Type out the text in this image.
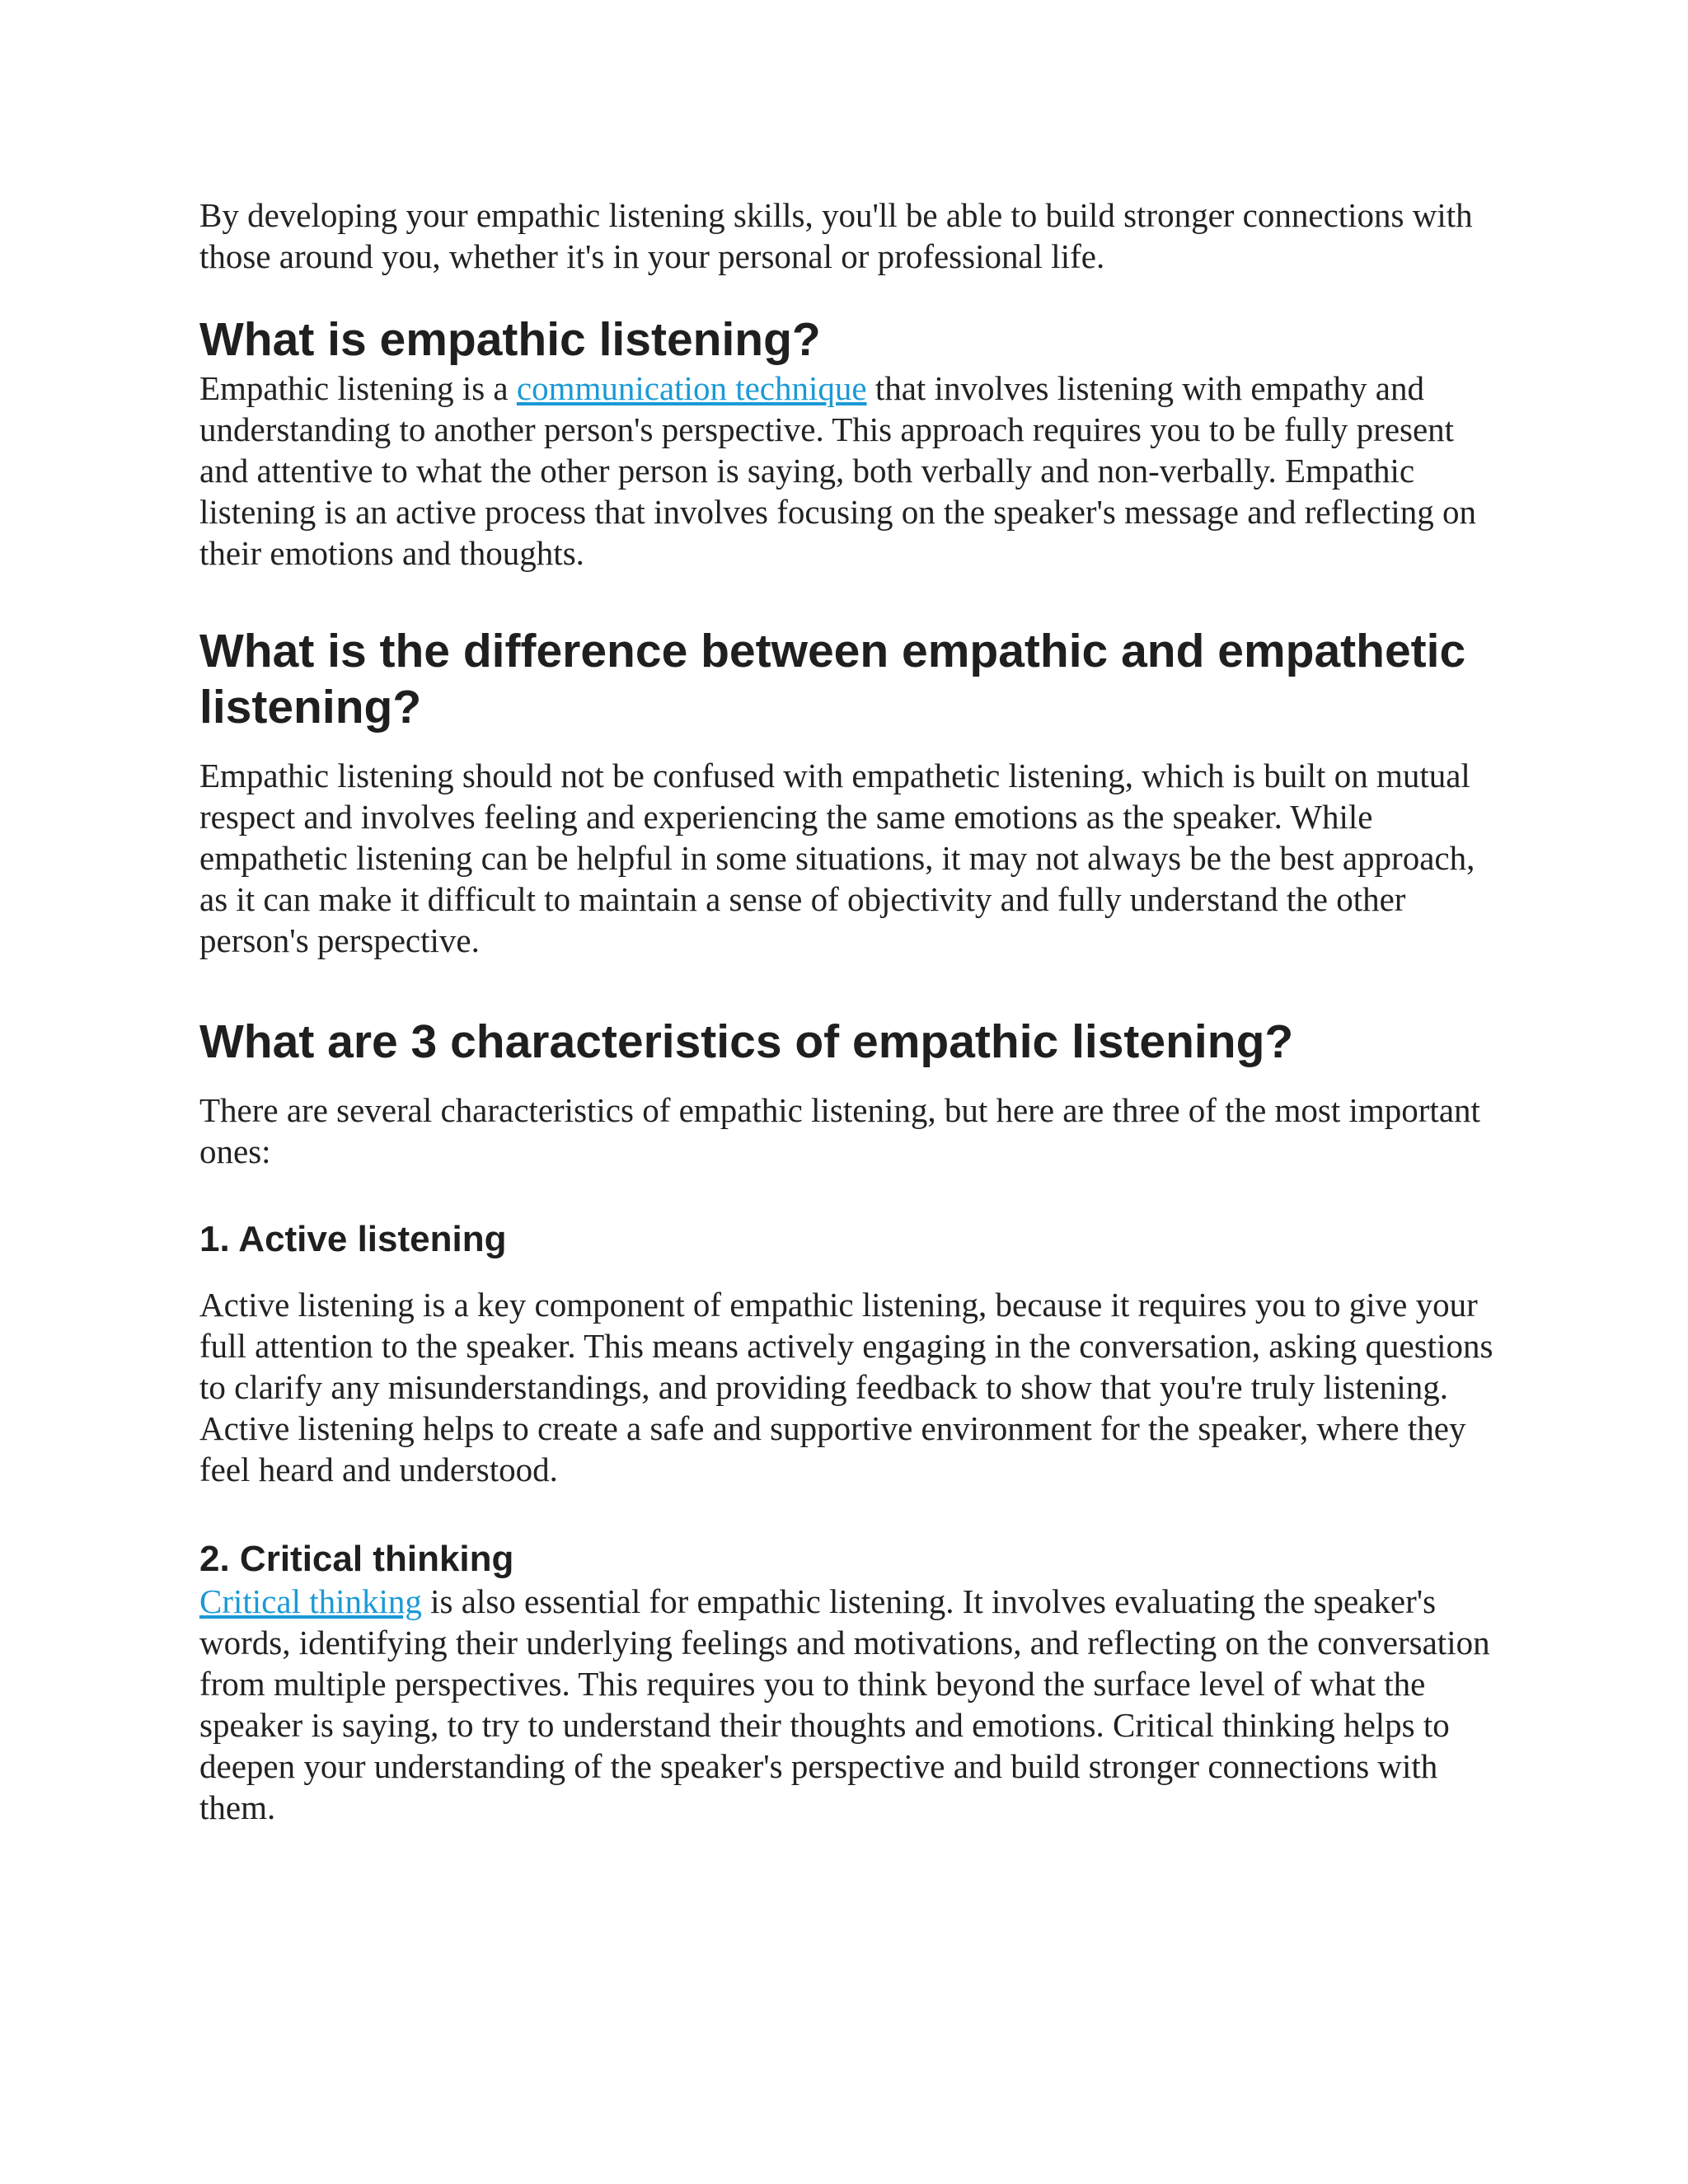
By developing your empathic listening skills, you'll be able to build stronger connections with those around you, whether it's in your personal or professional life.

What is empathic listening?

Empathic listening is a communication technique that involves listening with empathy and understanding to another person's perspective. This approach requires you to be fully present and attentive to what the other person is saying, both verbally and non-verbally. Empathic listening is an active process that involves focusing on the speaker's message and reflecting on their emotions and thoughts.

What is the difference between empathic and empathetic listening?

Empathic listening should not be confused with empathetic listening, which is built on mutual respect and involves feeling and experiencing the same emotions as the speaker. While empathetic listening can be helpful in some situations, it may not always be the best approach, as it can make it difficult to maintain a sense of objectivity and fully understand the other person's perspective.

What are 3 characteristics of empathic listening?

There are several characteristics of empathic listening, but here are three of the most important ones:

1. Active listening

Active listening is a key component of empathic listening, because it requires you to give your full attention to the speaker. This means actively engaging in the conversation, asking questions to clarify any misunderstandings, and providing feedback to show that you're truly listening. Active listening helps to create a safe and supportive environment for the speaker, where they feel heard and understood.

2. Critical thinking

Critical thinking is also essential for empathic listening. It involves evaluating the speaker's words, identifying their underlying feelings and motivations, and reflecting on the conversation from multiple perspectives. This requires you to think beyond the surface level of what the speaker is saying, to try to understand their thoughts and emotions. Critical thinking helps to deepen your understanding of the speaker's perspective and build stronger connections with them.
